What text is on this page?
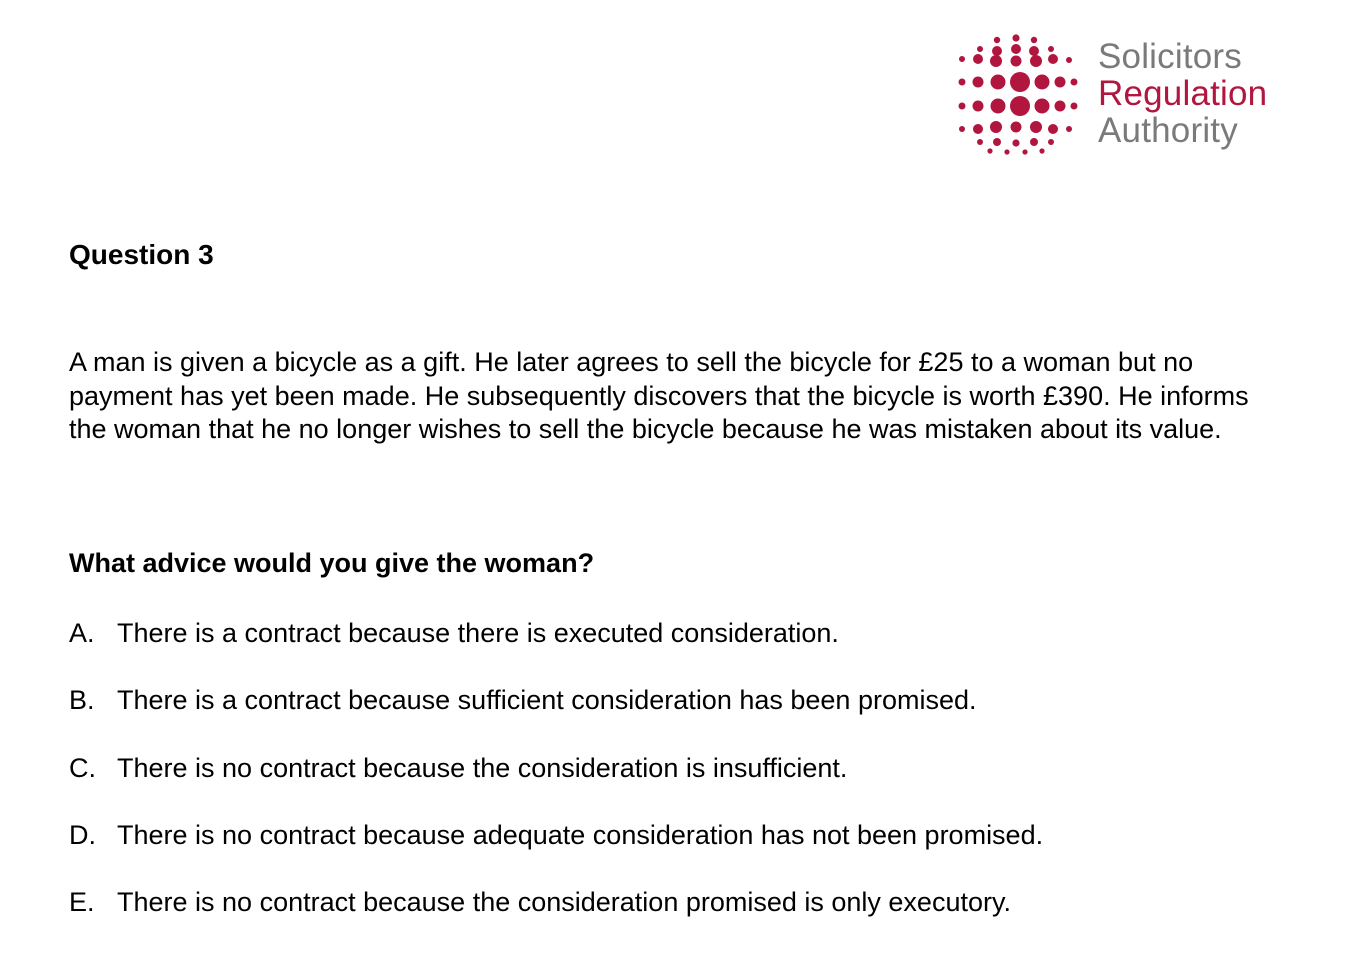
Solicitors
Regulation
Authority
Question 3

A man is given a bicycle as a gift. He later agrees to sell the bicycle for £25 to a woman but no payment has yet been made. He subsequently discovers that the bicycle is worth £390. He informs the woman that he no longer wishes to sell the bicycle because he was mistaken about its value.

What advice would you give the woman?

A. There is a contract because there is executed consideration.
B. There is a contract because sufficient consideration has been promised.
C. There is no contract because the consideration is insufficient.
D. There is no contract because adequate consideration has not been promised.
E. There is no contract because the consideration promised is only executory.
